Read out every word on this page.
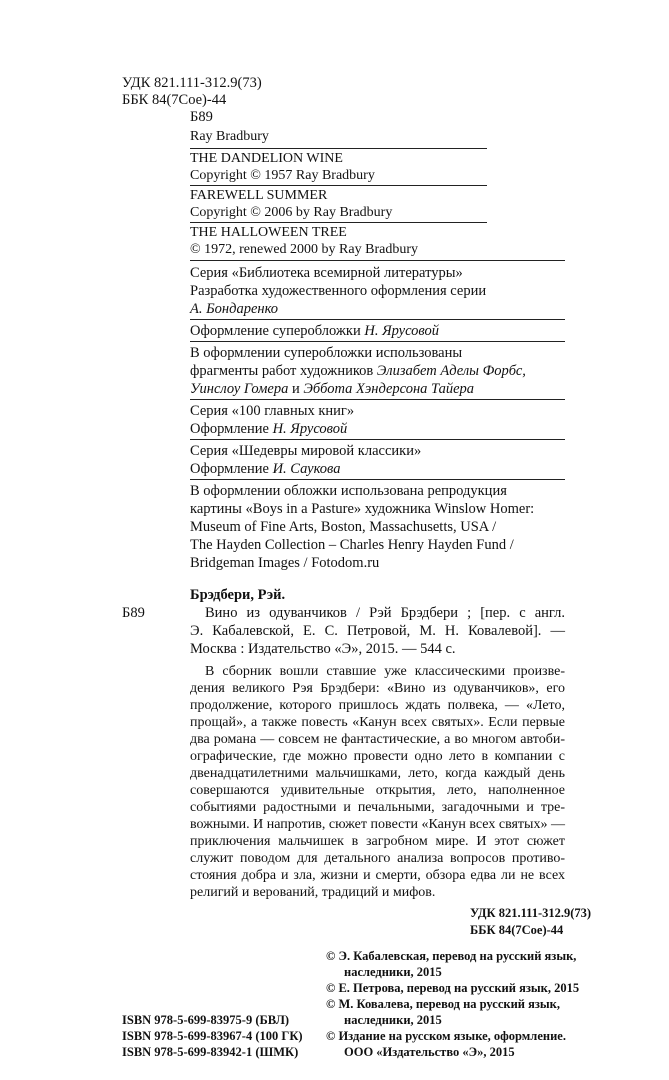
УДК 821.111-312.9(73)
ББК 84(7Сое)-44
Б89
Ray Bradbury
THE DANDELION WINE
Copyright © 1957 Ray Bradbury
FAREWELL SUMMER
Copyright © 2006 by Ray Bradbury
THE HALLOWEEN TREE
© 1972, renewed 2000 by Ray Bradbury
Серия «Библиотека всемирной литературы»
Разработка художественного оформления серии
А. Бондаренко
Оформление суперобложки Н. Ярусовой
В оформлении суперобложки использованы
фрагменты работ художников Элизабет Аделы Форбс,
Уинслоу Гомера и Эббота Хэндерсона Тайера
Серия «100 главных книг»
Оформление Н. Ярусовой
Серия «Шедевры мировой классики»
Оформление И. Саукова
В оформлении обложки использована репродукция
картины «Boys in a Pasture» художника Winslow Homer:
Museum of Fine Arts, Boston, Massachusetts, USA /
The Hayden Collection – Charles Henry Hayden Fund /
Bridgeman Images / Fotodom.ru
Брэдбери, Рэй.
Б89	Вино из одуванчиков / Рэй Брэдбери ; [пер. с англ.
Э. Кабалевской, Е. С. Петровой, М. Н. Ковалевой]. —
Москва : Издательство «Э», 2015. — 544 с.
В сборник вошли ставшие уже классическими произве-
дения великого Рэя Брэдбери: «Вино из одуванчиков», его
продолжение, которого пришлось ждать полвека, — «Лето,
прощай», а также повесть «Канун всех святых». Если первые
два романа — совсем не фантастические, а во многом автоби-
ографические, где можно провести одно лето в компании с
двенадцатилетними мальчишками, лето, когда каждый день
совершаются удивительные открытия, лето, наполненное
событиями радостными и печальными, загадочными и тре-
вожными. И напротив, сюжет повести «Канун всех святых» —
приключения мальчишек в загробном мире. И этот сюжет
служит поводом для детального анализа вопросов противо-
стояния добра и зла, жизни и смерти, обзора едва ли не всех
религий и верований, традиций и мифов.
УДК 821.111-312.9(73)
ББК 84(7Сое)-44
© Э. Кабалевская, перевод на русский язык,
наследники, 2015
© Е. Петрова, перевод на русский язык, 2015
© М. Ковалева, перевод на русский язык,
наследники, 2015
© Издание на русском языке, оформление.
ООО «Издательство «Э», 2015
ISBN 978-5-699-83975-9 (БВЛ)
ISBN 978-5-699-83967-4 (100 ГК)
ISBN 978-5-699-83942-1 (ШМК)
